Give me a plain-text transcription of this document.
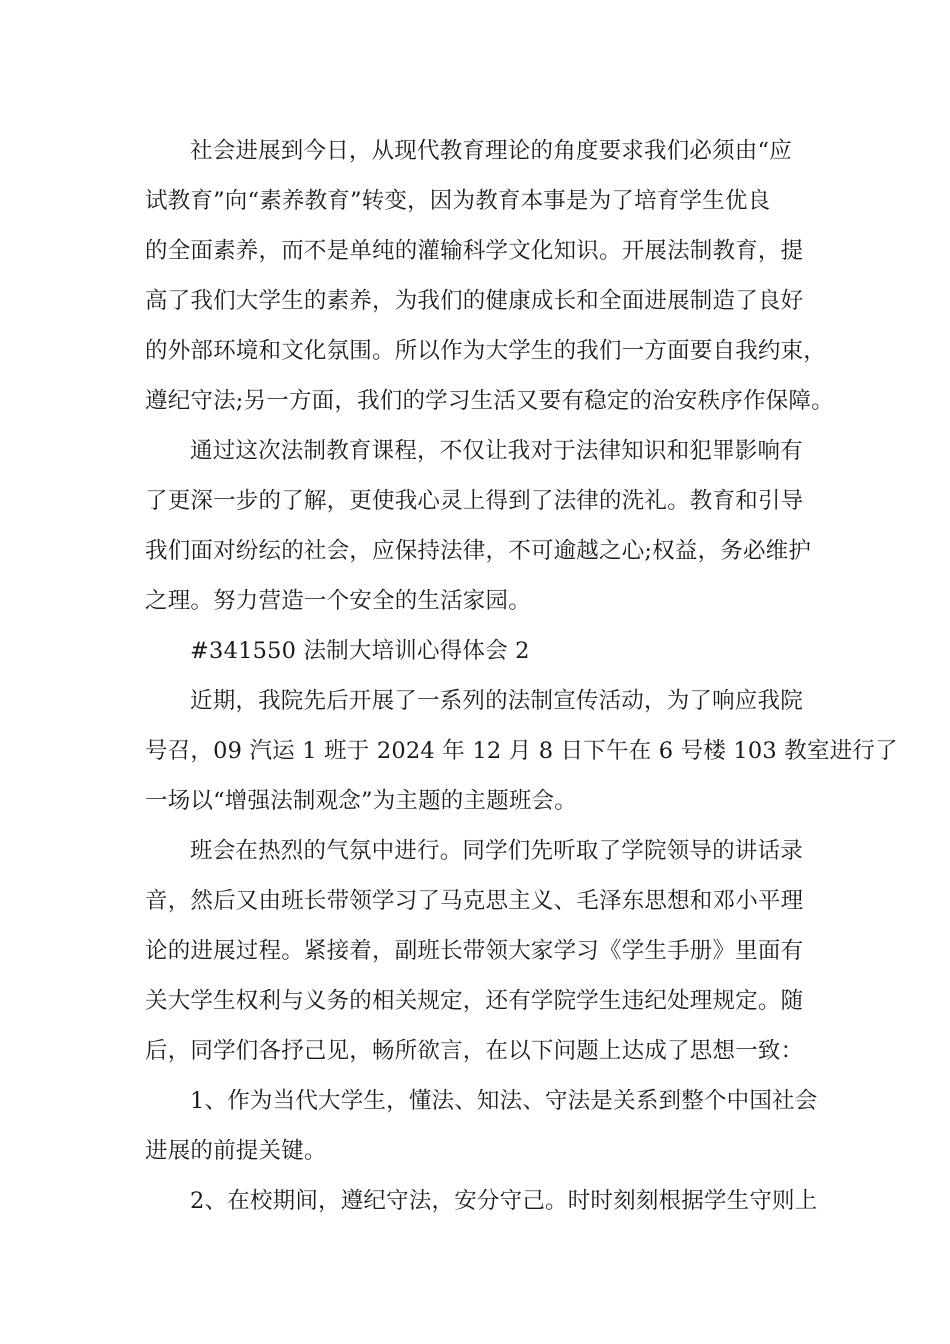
社会进展到今日，从现代教育理论的角度要求我们必须由“应

试教育”向“素养教育”转变，因为教育本事是为了培育学生优良

的全面素养，而不是单纯的灌输科学文化知识。开展法制教育，提

高了我们大学生的素养，为我们的健康成长和全面进展制造了良好

的外部环境和文化氛围。所以作为大学生的我们一方面要自我约束，

遵纪守法;另一方面，我们的学习生活又要有稳定的治安秩序作保障。

通过这次法制教育课程，不仅让我对于法律知识和犯罪影响有

了更深一步的了解，更使我心灵上得到了法律的洗礼。教育和引导

我们面对纷纭的社会，应保持法律，不可逾越之心;权益，务必维护

之理。努力营造一个安全的生活家园。

#341550 法制大培训心得体会 2

近期，我院先后开展了一系列的法制宣传活动，为了响应我院

号召，09 汽运 1 班于 2024 年 12 月 8 日下午在 6 号楼 103 教室进行了

一场以“增强法制观念”为主题的主题班会。

班会在热烈的气氛中进行。同学们先听取了学院领导的讲话录

音，然后又由班长带领学习了马克思主义、毛泽东思想和邓小平理

论的进展过程。紧接着，副班长带领大家学习《学生手册》里面有

关大学生权利与义务的相关规定，还有学院学生违纪处理规定。随

后，同学们各抒己见，畅所欲言，在以下问题上达成了思想一致：

1、作为当代大学生，懂法、知法、守法是关系到整个中国社会

进展的前提关键。

2、在校期间，遵纪守法，安分守己。时时刻刻根据学生守则上
